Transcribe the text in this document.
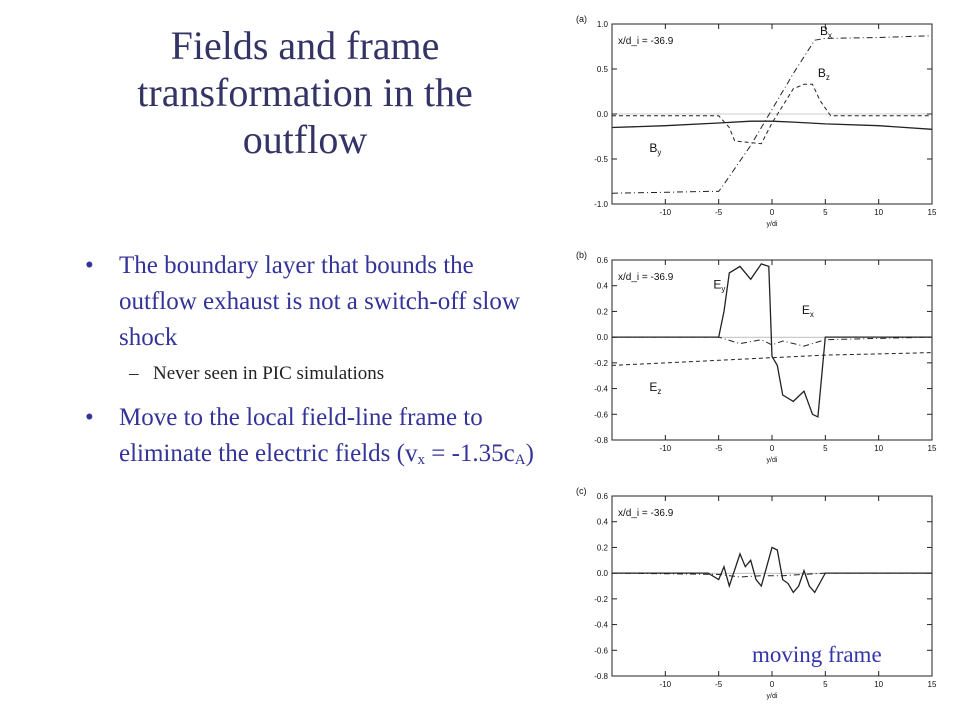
Fields and frame transformation in the outflow
• The boundary layer that bounds the outflow exhaust is not a switch-off slow shock
– Never seen in PIC simulations
• Move to the local field-line frame to eliminate the electric fields $(v_x = -1.35c_A)$
(a)
x/d_i = -36.9
-1.0
-0.5
0.0
0.5
1.0
-10	-5	0	5	10	15
y/di
$B_x$
$B_z$
$B_y$
(b)
x/d_i = -36.9
-0.8
-0.6
-0.4
-0.2
0.0
0.2
0.4
0.6
-10	-5	0	5	10	15
y/di
$E_y$
$E_x$
$E_z$
(c)
x/d_i = -36.9
-0.8
-0.6
-0.4
-0.2
0.0
0.2
0.4
0.6
-10	-5	0	5	10	15
y/di
moving frame
